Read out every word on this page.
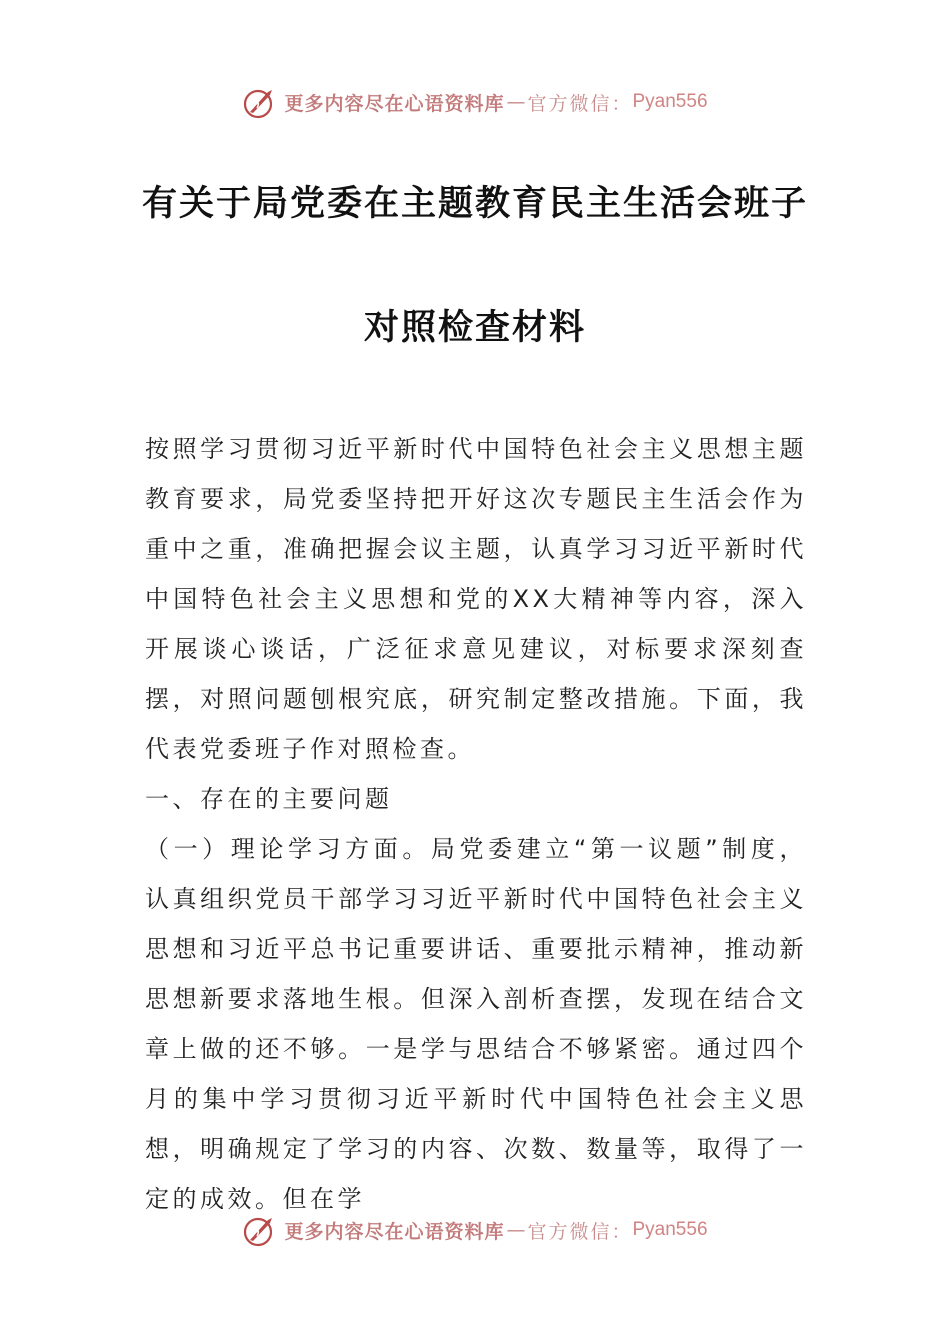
更多内容尽在心语资料库 — 官方微信： Pyan556
有关于局党委在主题教育民主生活会班子
对照检查材料

按照学习贯彻习近平新时代中国特色社会主义思想主题教育要求，局党委坚持把开好这次专题民主生活会作为重中之重，准确把握会议主题，认真学习习近平新时代中国特色社会主义思想和党的XX大精神等内容，深入开展谈心谈话，广泛征求意见建议，对标要求深刻查摆，对照问题刨根究底，研究制定整改措施。下面，我代表党委班子作对照检查。

一、存在的主要问题

（一）理论学习方面。局党委建立“第一议题”制度，认真组织党员干部学习习近平新时代中国特色社会主义思想和习近平总书记重要讲话、重要批示精神，推动新思想新要求落地生根。但深入剖析查摆，发现在结合文章上做的还不够。一是学与思结合不够紧密。通过四个月的集中学习贯彻习近平新时代中国特色社会主义思想，明确规定了学习的内容、次数、数量等，取得了一定的成效。但在学

更多内容尽在心语资料库 — 官方微信： Pyan556
